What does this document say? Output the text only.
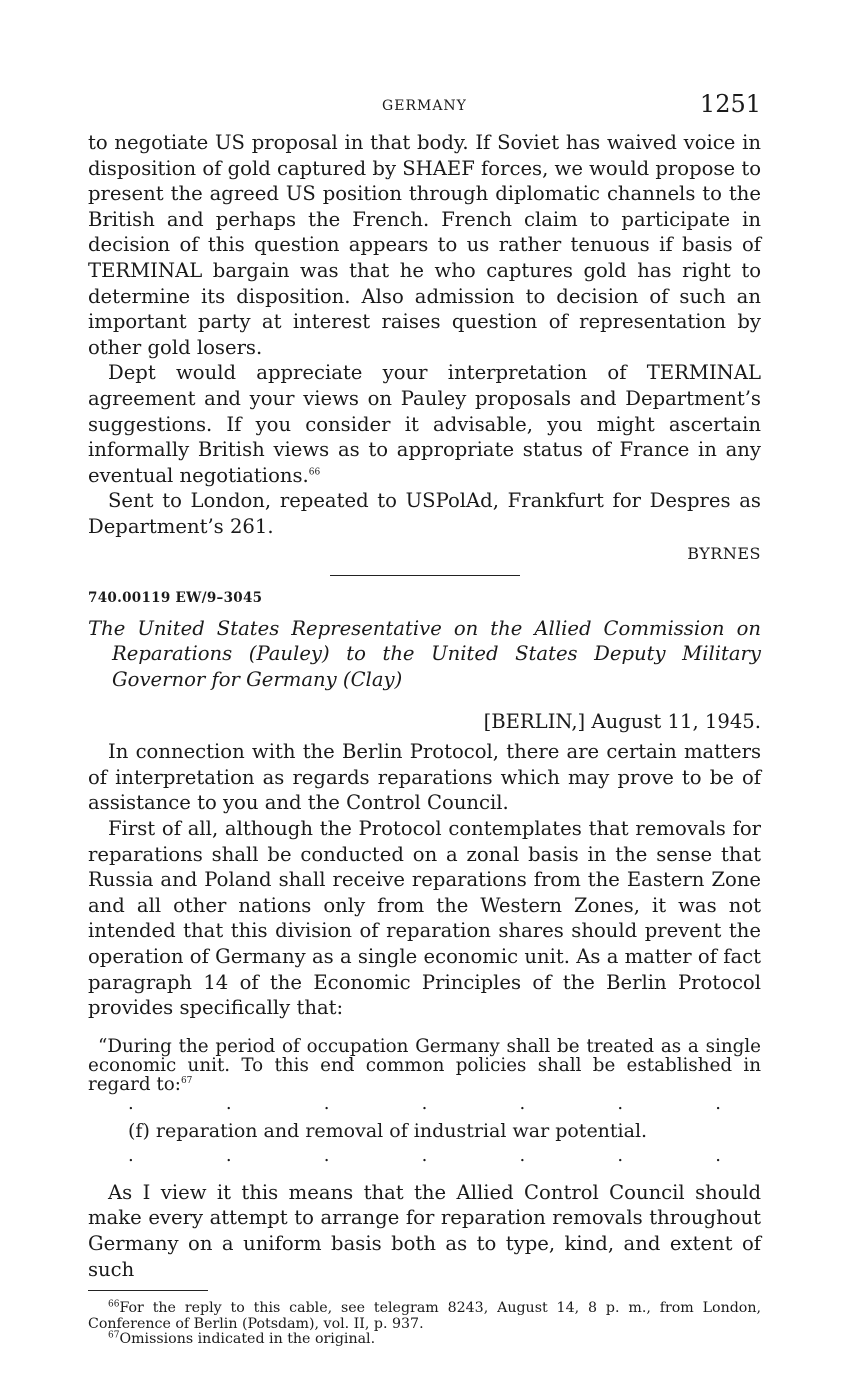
GERMANY	1251

to negotiate US proposal in that body. If Soviet has waived voice in disposition of gold captured by SHAEF forces, we would propose to present the agreed US position through diplomatic channels to the British and perhaps the French. French claim to participate in decision of this question appears to us rather tenuous if basis of TERMINAL bargain was that he who captures gold has right to determine its disposition. Also admission to decision of such an important party at interest raises question of representation by other gold losers.

Dept would appreciate your interpretation of TERMINAL agreement and your views on Pauley proposals and Department’s suggestions. If you consider it advisable, you might ascertain informally British views as to appropriate status of France in any eventual negotiations.$^{66}$

Sent to London, repeated to USPolAd, Frankfurt for Despres as Department’s 261.

BYRNES
740.00119 EW/9–3045
The United States Representative on the Allied Commission on Reparations (Pauley) to the United States Deputy Military Governor for Germany (Clay)
[BERLIN,] August 11, 1945.

In connection with the Berlin Protocol, there are certain matters of interpretation as regards reparations which may prove to be of assistance to you and the Control Council.

First of all, although the Protocol contemplates that removals for reparations shall be conducted on a zonal basis in the sense that Russia and Poland shall receive reparations from the Eastern Zone and all other nations only from the Western Zones, it was not intended that this division of reparation shares should prevent the operation of Germany as a single economic unit. As a matter of fact paragraph 14 of the Economic Principles of the Berlin Protocol provides specifically that:

“During the period of occupation Germany shall be treated as a single economic unit. To this end common policies shall be established in regard to:$^{67}$

.	.	.	.	.	.	.
(f) reparation and removal of industrial war potential.
.	.	.	.	.	.	.

As I view it this means that the Allied Control Council should make every attempt to arrange for reparation removals throughout Germany on a uniform basis both as to type, kind, and extent of such

$^{66}$For the reply to this cable, see telegram 8243, August 14, 8 p. m., from London, Conference of Berlin (Potsdam), vol. II, p. 937.

$^{67}$Omissions indicated in the original.
